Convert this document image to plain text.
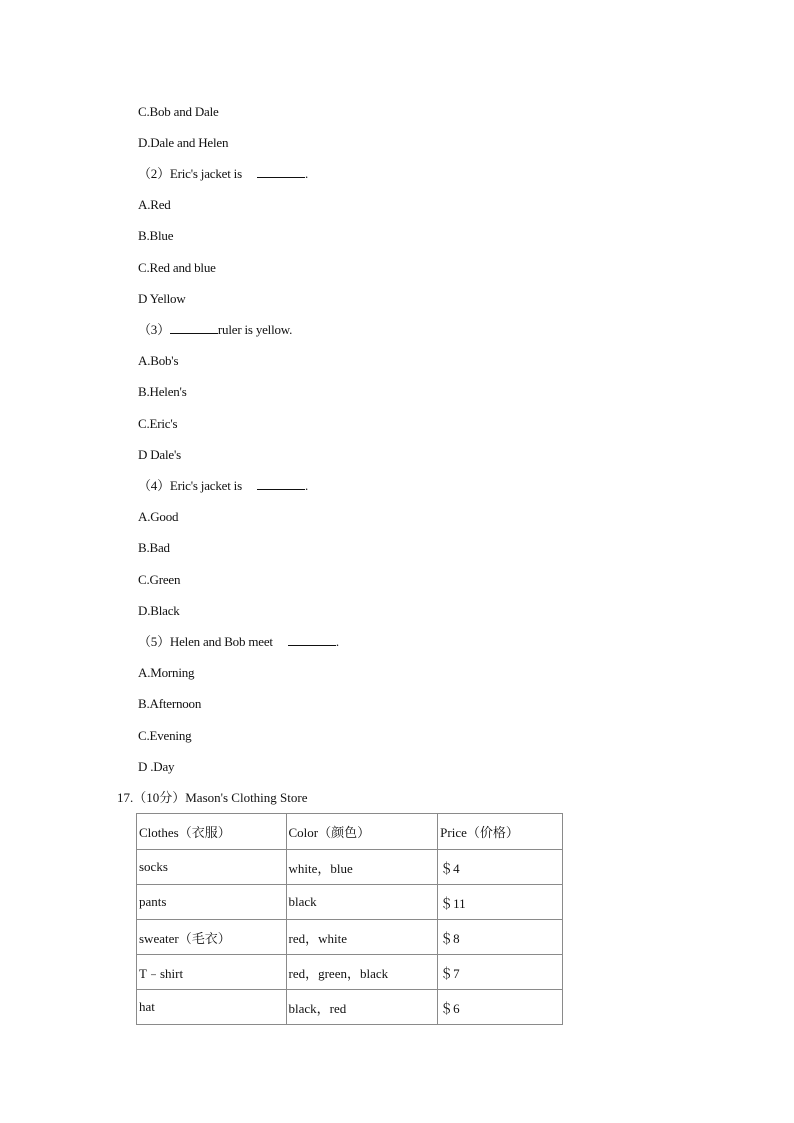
C.Bob and Dale
D.Dale and Helen
（2）Eric's jacket is	.
A.Red
B.Blue
C.Red and blue
D Yellow
（3）	ruler is yellow.
A.Bob's
B.Helen's
C.Eric's
D Dale's
（4）Eric's jacket is	.
A.Good
B.Bad
C.Green
D.Black
（5）Helen and Bob meet	.
A.Morning
B.Afternoon
C.Evening
D .Day
17.（10分）Mason's Clothing Store
Clothes（衣服）	Color（颜色）	Price（价格）
socks	white，blue	＄4
pants	black	＄11
sweater（毛衣）	red，white	＄8
T﹣shirt	red，green，black	＄7
hat	black，red	＄6
